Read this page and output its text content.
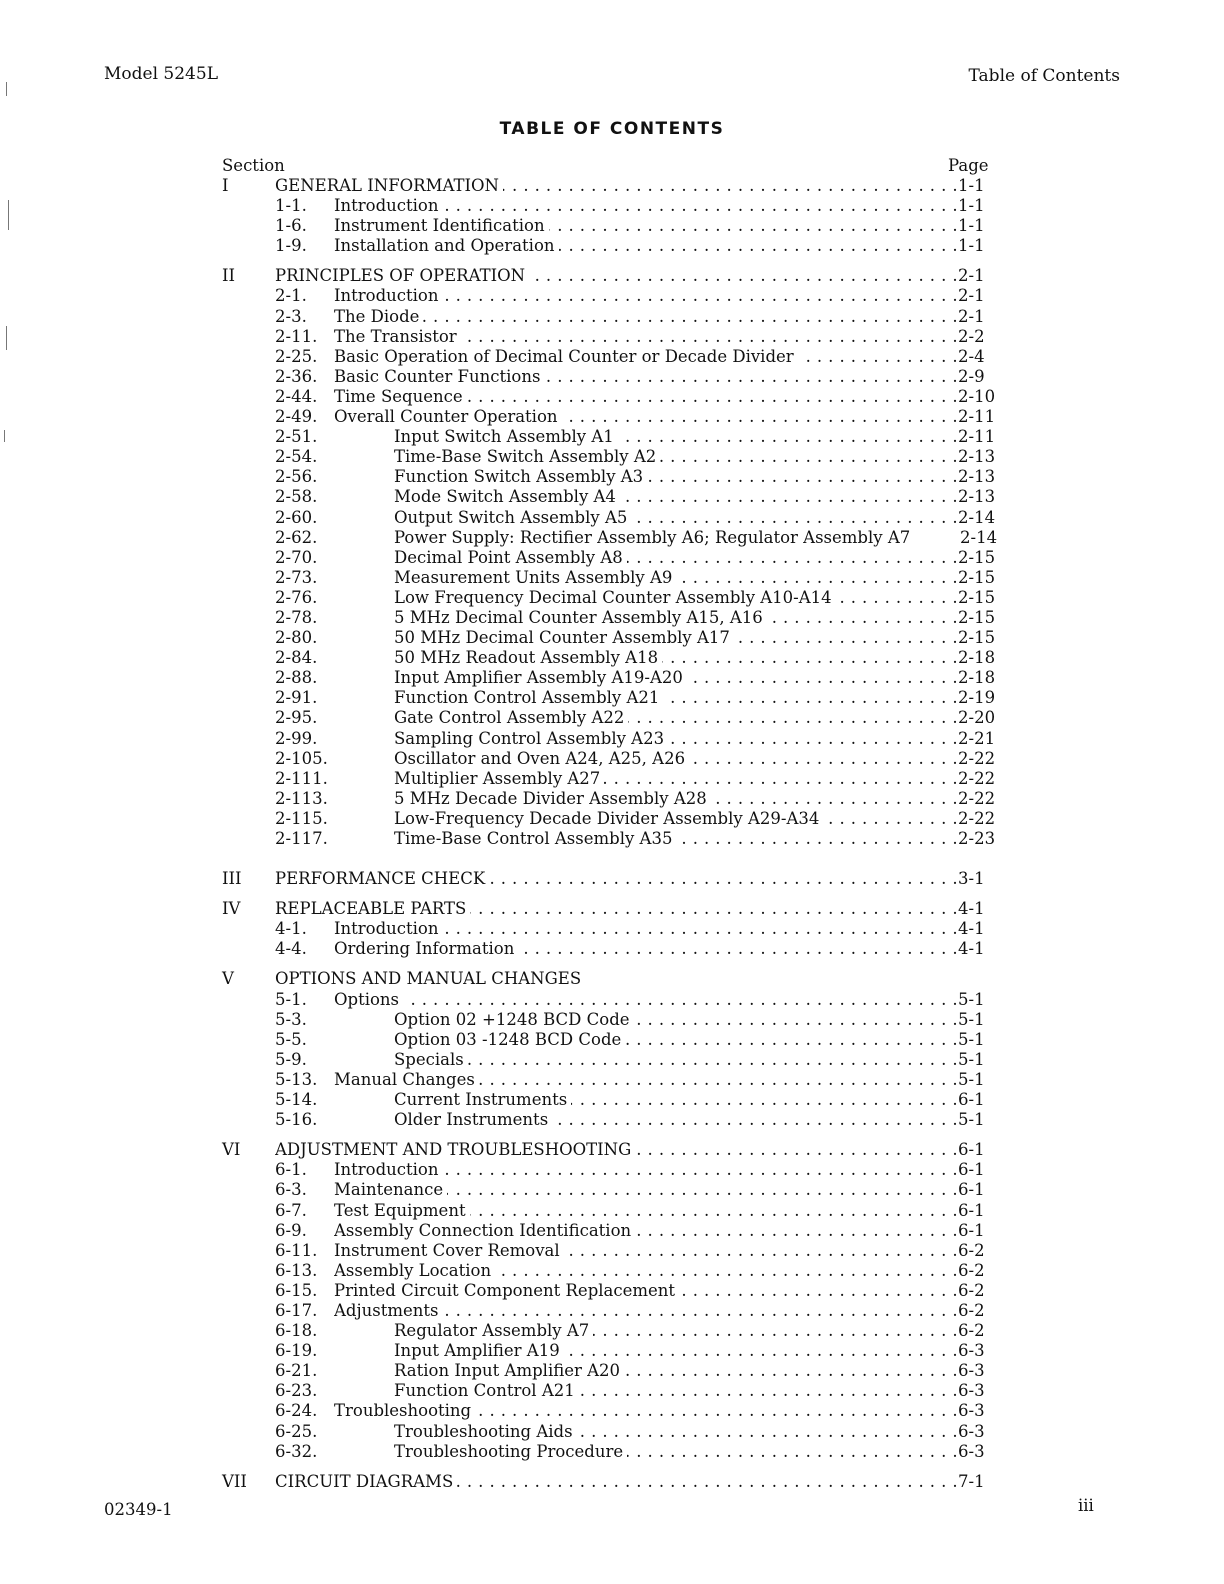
Model 5245L	Table of Contents
TABLE OF CONTENTS
Section	Page
I	GENERAL INFORMATION . . .	1-1
1-1. Introduction . . .	1-1
1-6. Instrument Identification . . .	1-1
1-9. Installation and Operation . . .	1-1
II PRINCIPLES OF OPERATION . . .	2-1
2-1. Introduction . . .	2-1
2-3. The Diode . . .	2-1
2-11. The Transistor . . .	2-2
2-25. Basic Operation of Decimal Counter or Decade Divider . . .	2-4
2-36. Basic Counter Functions . . .	2-9
2-44. Time Sequence . . .	2-10
2-49. Overall Counter Operation . . .	2-11
2-51.	Input Switch Assembly A1 . . .	2-11
2-54.	Time-Base Switch Assembly A2 . . .	2-13
2-56.	Function Switch Assembly A3 . . .	2-13
2-58.	Mode Switch Assembly A4 . . .	2-13
2-60.	Output Switch Assembly A5 . . .	2-14
2-62.	Power Supply: Rectifier Assembly A6; Regulator Assembly A7	2-14
2-70.	Decimal Point Assembly A8 . . .	2-15
2-73.	Measurement Units Assembly A9 . . .	2-15
2-76.	Low Frequency Decimal Counter Assembly A10-A14 . . .	2-15
2-78.	5 MHz Decimal Counter Assembly A15, A16 . . .	2-15
2-80.	50 MHz Decimal Counter Assembly A17 . . .	2-15
2-84.	50 MHz Readout Assembly A18 . . .	2-18
2-88.	Input Amplifier Assembly A19-A20 . . .	2-18
2-91.	Function Control Assembly A21 . . .	2-19
2-95.	Gate Control Assembly A22 . . .	2-20
2-99.	Sampling Control Assembly A23 . . .	2-21
2-105.	Oscillator and Oven A24, A25, A26 . . .	2-22
2-111.	Multiplier Assembly A27 . . .	2-22
2-113.	5 MHz Decade Divider Assembly A28 . . .	2-22
2-115.	Low-Frequency Decade Divider Assembly A29-A34 . . .	2-22
2-117.	Time-Base Control Assembly A35 . . .	2-23
III PERFORMANCE CHECK . . .	3-1
IV REPLACEABLE PARTS . . .	4-1
4-1. Introduction . . .	4-1
4-4. Ordering Information . . .	4-1
V OPTIONS AND MANUAL CHANGES
5-1. Options . . .	5-1
5-3.	Option 02 +1248 BCD Code . . .	5-1
5-5.	Option 03 -1248 BCD Code . . .	5-1
5-9.	Specials . . .	5-1
5-13. Manual Changes . . .	5-1
5-14.	Current Instruments . . .	6-1
5-16.	Older Instruments . . .	5-1
VI ADJUSTMENT AND TROUBLESHOOTING . . .	6-1
6-1. Introduction . . .	6-1
6-3. Maintenance . . .	6-1
6-7. Test Equipment . . .	6-1
6-9. Assembly Connection Identification . . .	6-1
6-11. Instrument Cover Removal . . .	6-2
6-13. Assembly Location . . .	6-2
6-15. Printed Circuit Component Replacement . . .	6-2
6-17. Adjustments . . .	6-2
6-18.	Regulator Assembly A7 . . .	6-2
6-19.	Input Amplifier A19 . . .	6-3
6-21.	Ration Input Amplifier A20 . . .	6-3
6-23.	Function Control A21 . . .	6-3
6-24. Troubleshooting . . .	6-3
6-25.	Troubleshooting Aids . . .	6-3
6-32.	Troubleshooting Procedure . . .	6-3
VII CIRCUIT DIAGRAMS . . .	7-1
02349-1	iii
